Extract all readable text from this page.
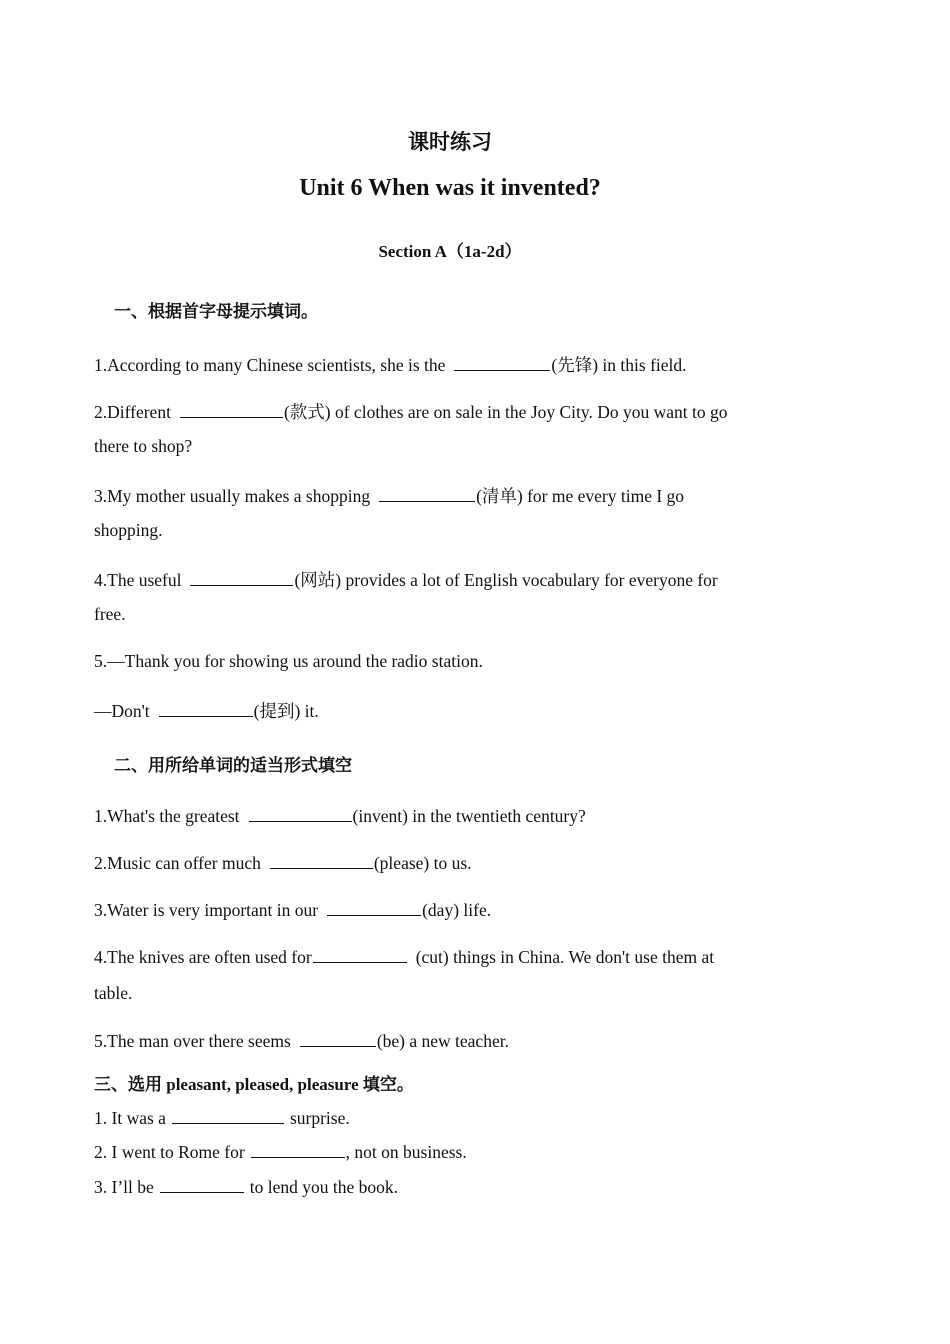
课时练习
Unit 6 When was it invented?
Section A（1a-2d）
一、根据首字母提示填词。
1.According to many Chinese scientists, she is the	(先锋) in this field.
2.Different	(款式) of clothes are on sale in the Joy City. Do you want to go
there to shop?
3.My mother usually makes a shopping	(清单) for me every time I go
shopping.
4.The useful	(网站) provides a lot of English vocabulary for everyone for
free.
5.—Thank you for showing us around the radio station.
—Don't	(提到) it.
二、用所给单词的适当形式填空
1.What's the greatest	(invent) in the twentieth century?
2.Music can offer much	(please) to us.
3.Water is very important in our	(day) life.
4.The knives are often used for	(cut) things in China. We don't use them at
table.
5.The man over there seems	(be) a new teacher.
三、选用 pleasant, pleased, pleasure 填空。
1. It was a	surprise.
2. I went to Rome for	, not on business.
3. I’ll be	to lend you the book.
